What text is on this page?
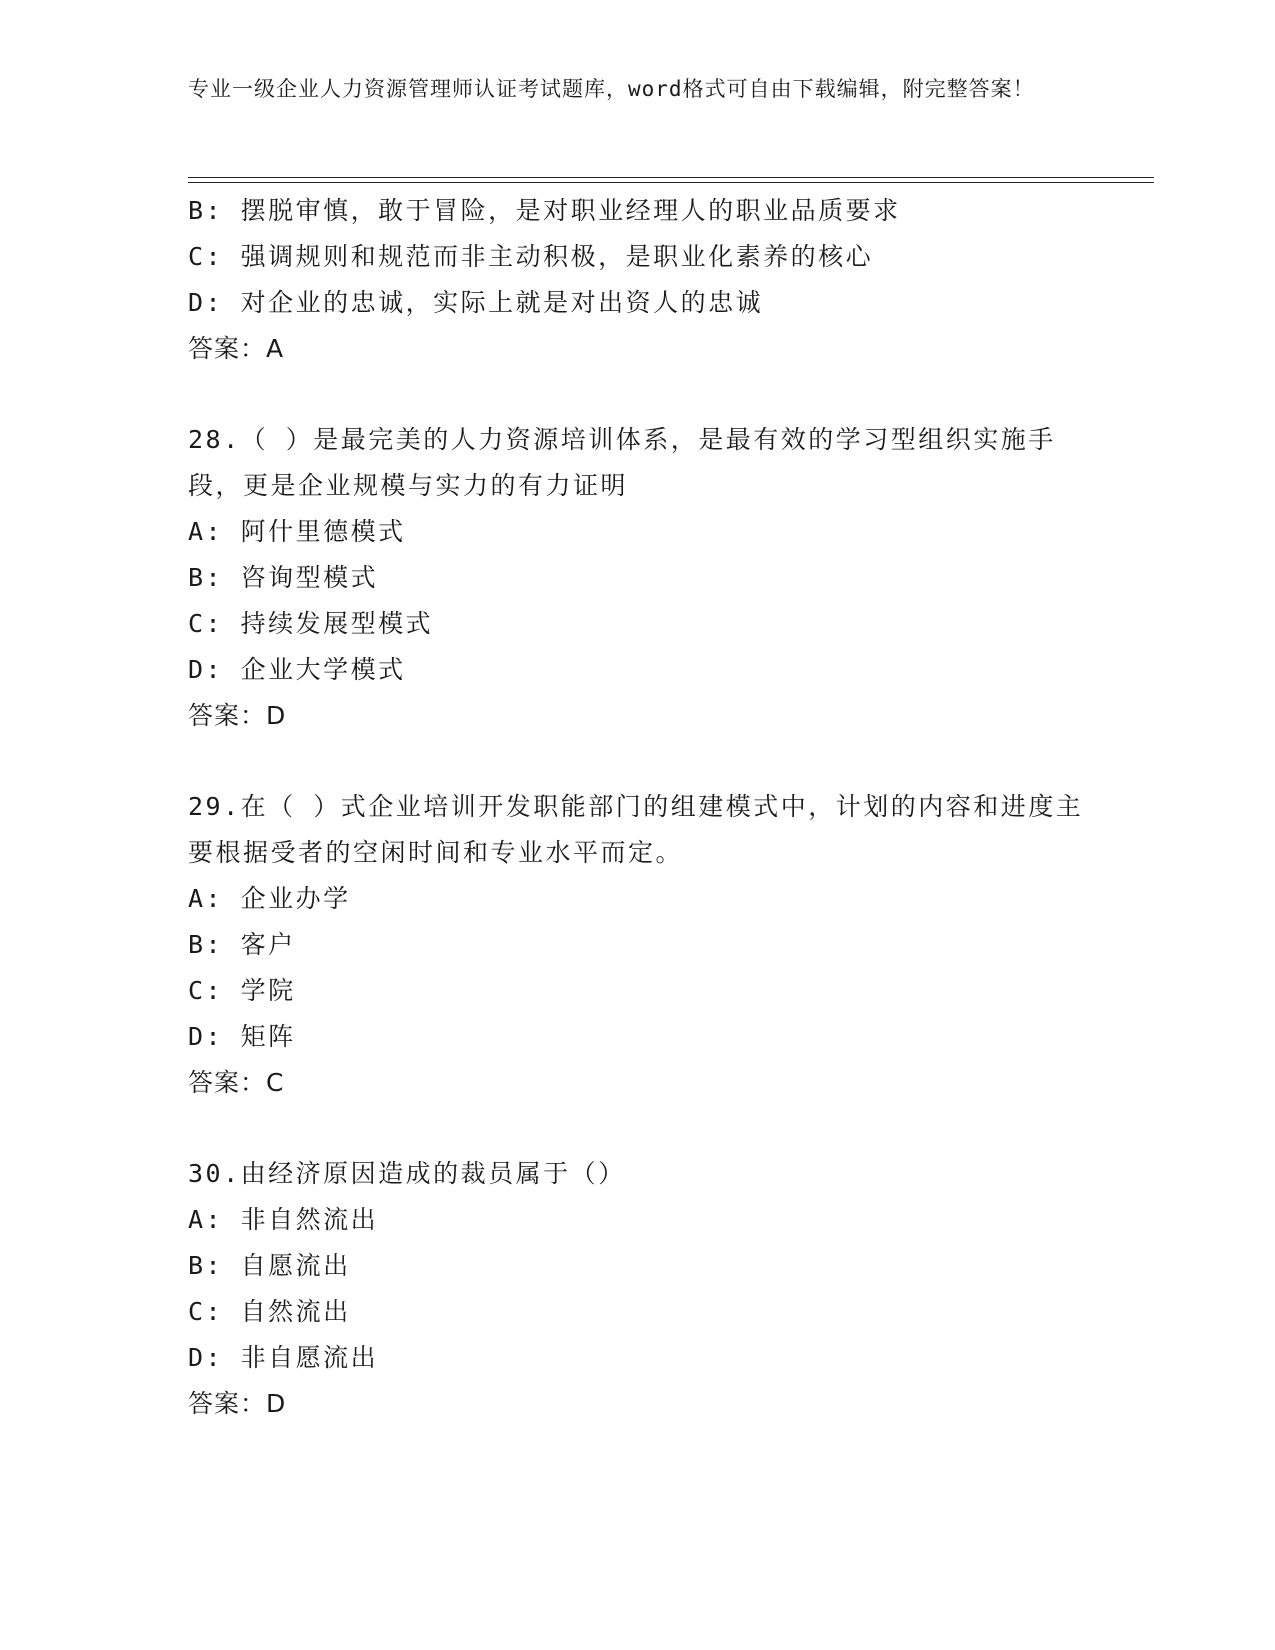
专业一级企业人力资源管理师认证考试题库，word格式可自由下载编辑，附完整答案！
B: 摆脱审慎，敢于冒险，是对职业经理人的职业品质要求
C: 强调规则和规范而非主动积极，是职业化素养的核心
D: 对企业的忠诚，实际上就是对出资人的忠诚
答案：A
28.（ ）是最完美的人力资源培训体系，是最有效的学习型组织实施手段，更是企业规模与实力的有力证明
A: 阿什里德模式
B: 咨询型模式
C: 持续发展型模式
D: 企业大学模式
答案：D
29.在（ ）式企业培训开发职能部门的组建模式中，计划的内容和进度主要根据受者的空闲时间和专业水平而定。
A: 企业办学
B: 客户
C: 学院
D: 矩阵
答案：C
30.由经济原因造成的裁员属于（）
A: 非自然流出
B: 自愿流出
C: 自然流出
D: 非自愿流出
答案：D
